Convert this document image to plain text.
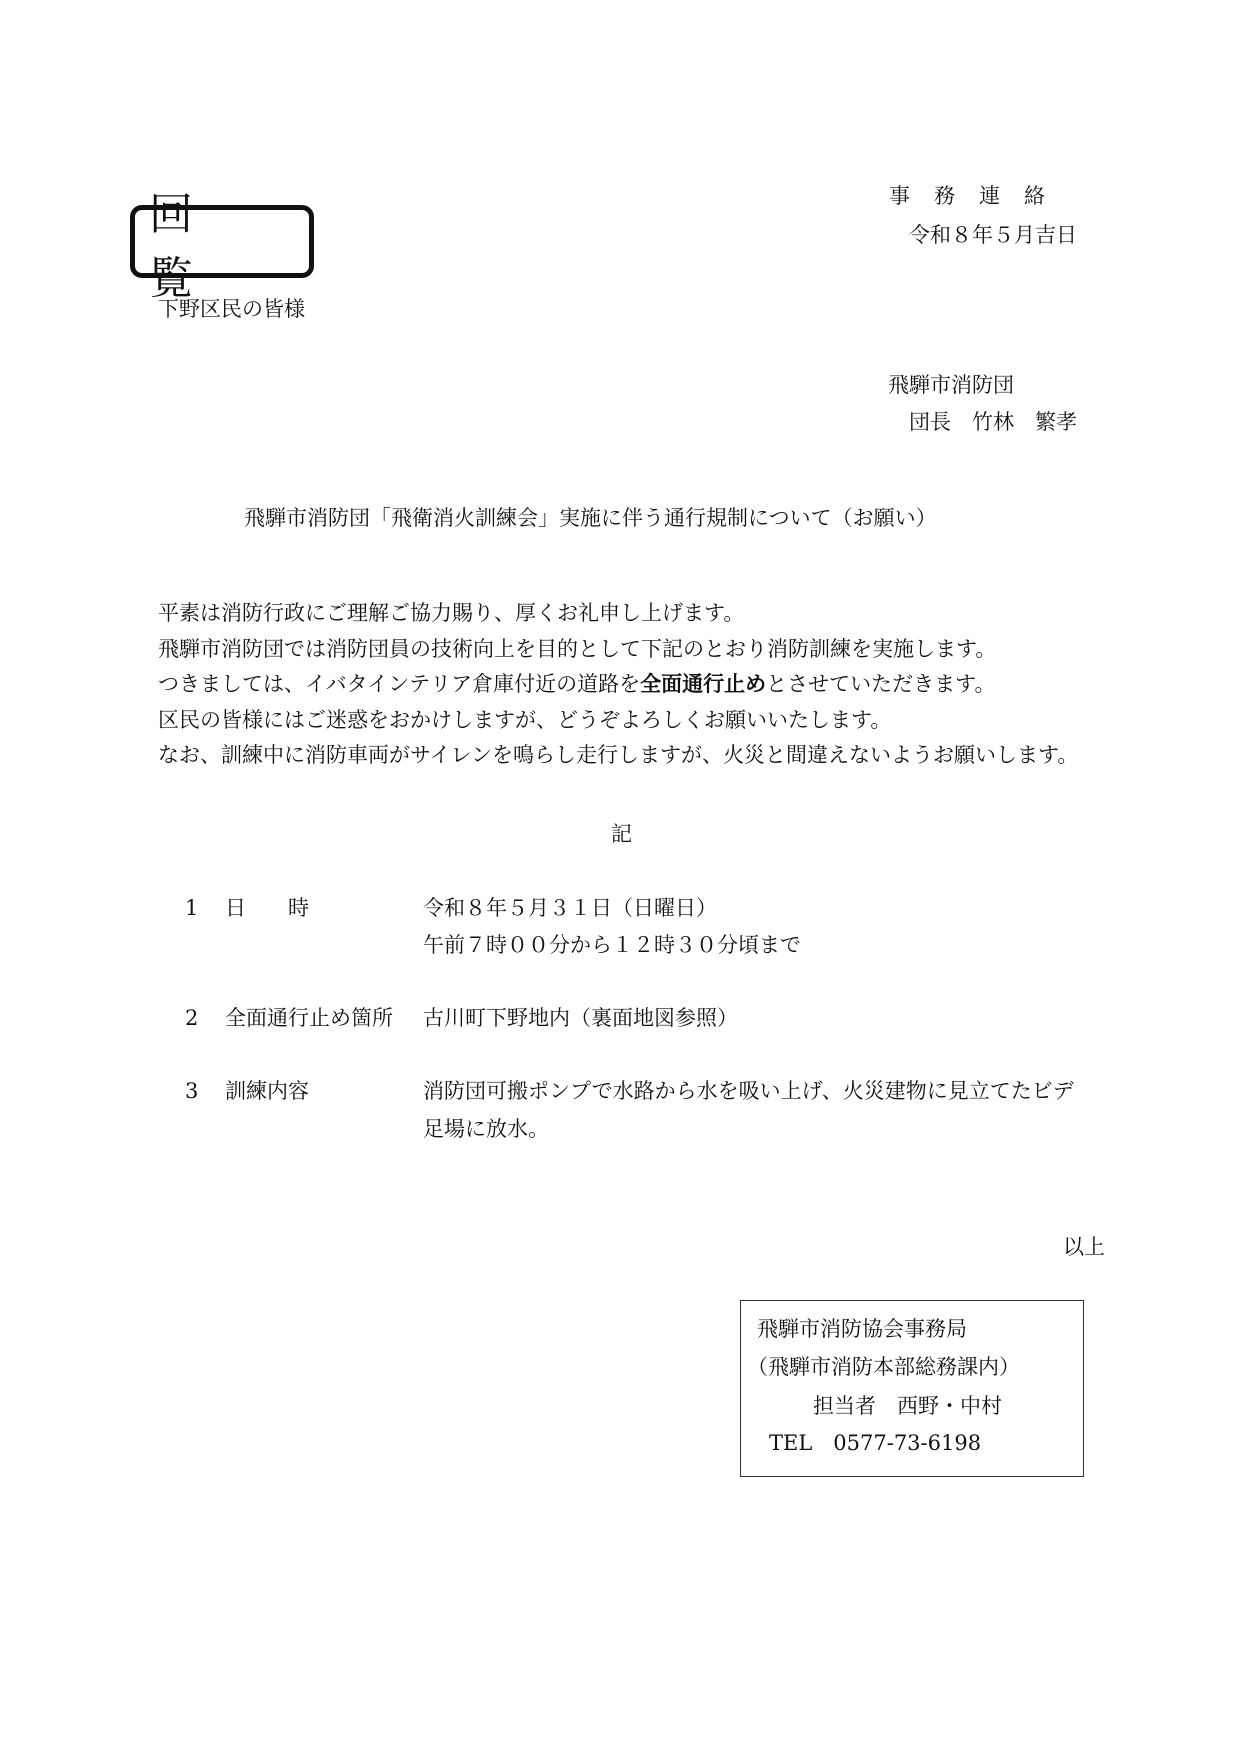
回 覧
事務連絡
令和８年５月吉日
下野区民の皆様
飛騨市消防団
団長　竹林　繁孝
飛騨市消防団「飛衛消火訓練会」実施に伴う通行規制について（お願い）
平素は消防行政にご理解ご協力賜り、厚くお礼申し上げます。
飛騨市消防団では消防団員の技術向上を目的として下記のとおり消防訓練を実施します。
つきましては、イバタインテリア倉庫付近の道路を全面通行止めとさせていただきます。
区民の皆様にはご迷惑をおかけしますが、どうぞよろしくお願いいたします。
なお、訓練中に消防車両がサイレンを鳴らし走行しますが、火災と間違えないようお願いします。
記
1 日　　時	令和８年５月３１日（日曜日）
午前７時００分から１２時３０分頃まで
2 全面通行止め箇所 古川町下野地内（裏面地図参照）
3 訓練内容	消防団可搬ポンプで水路から水を吸い上げ、火災建物に見立てたビデ
足場に放水。
以上
飛騨市消防協会事務局
（飛騨市消防本部総務課内）
担当者　西野・中村
TEL　0577-73-6198
